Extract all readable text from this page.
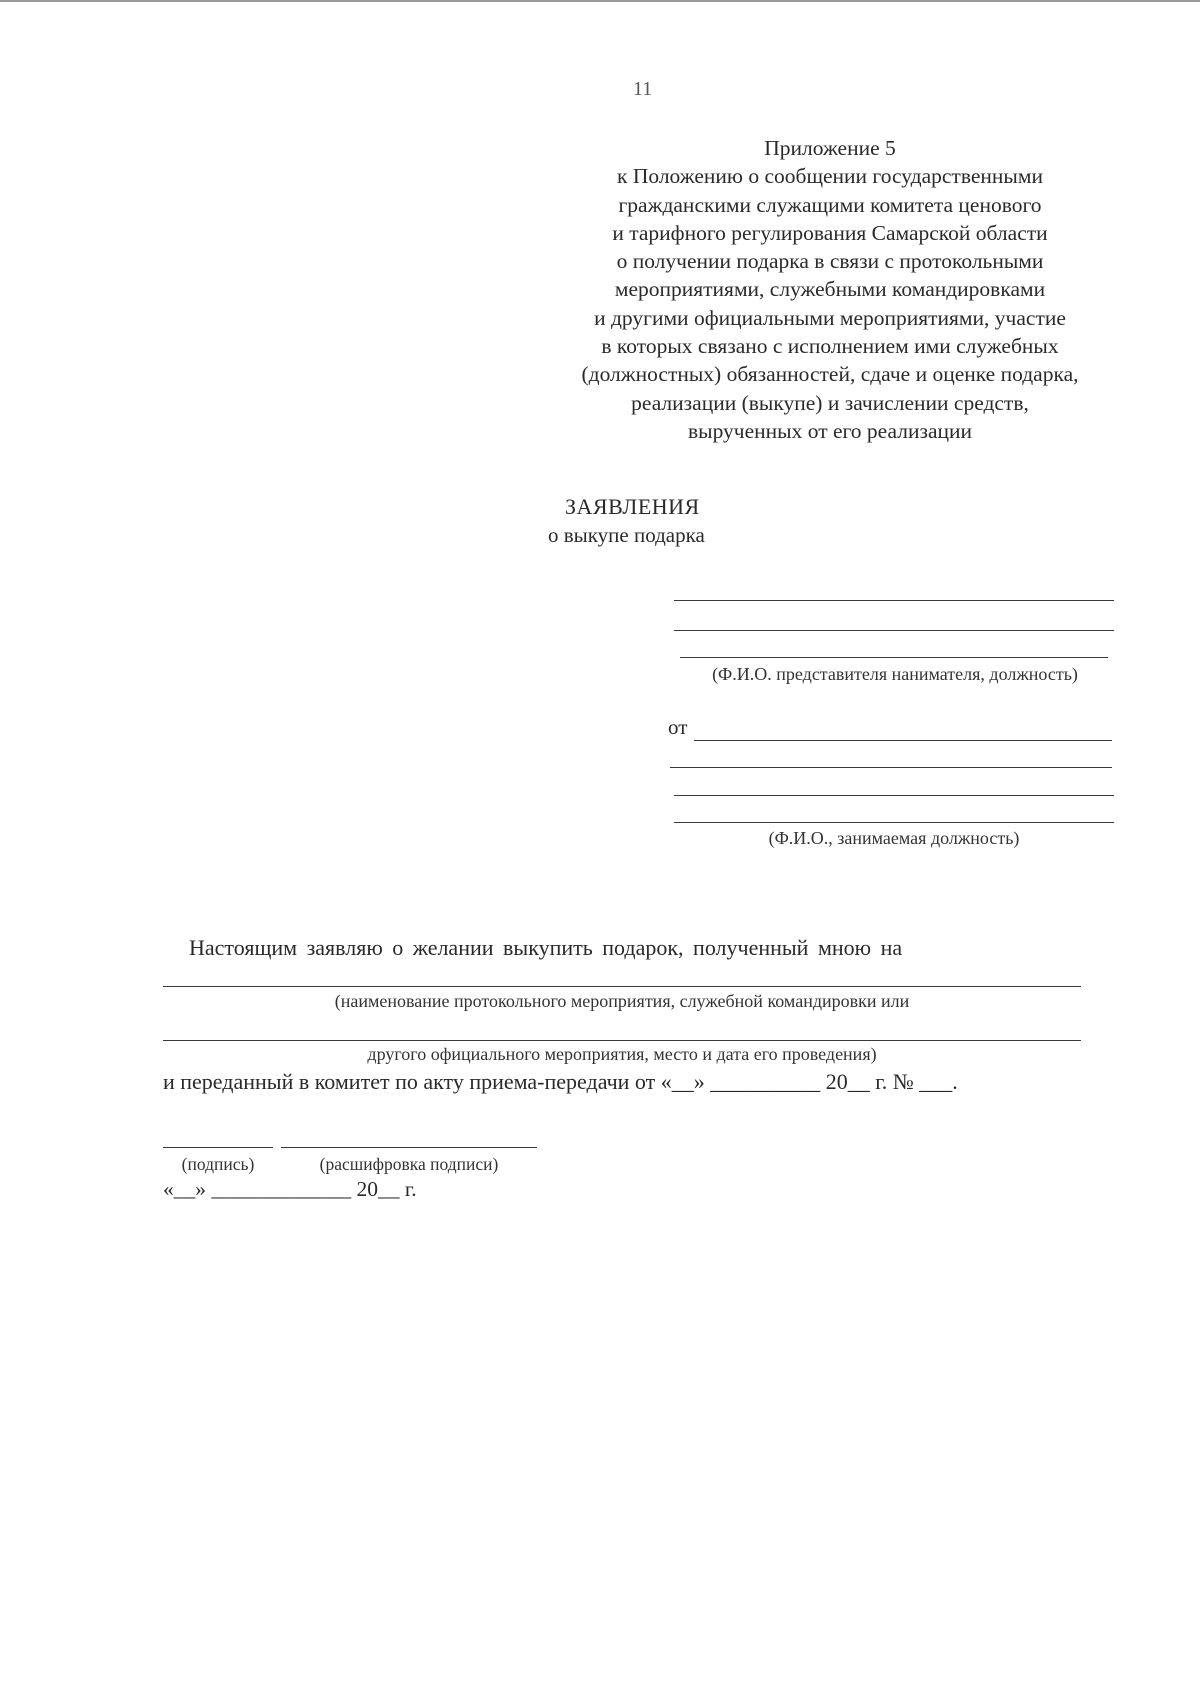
11
Приложение 5
к Положению о сообщении государственными
гражданскими служащими комитета ценового
и тарифного регулирования Самарской области
о получении подарка в связи с протокольными
мероприятиями, служебными командировками
и другими официальными мероприятиями, участие
в которых связано с исполнением ими служебных
(должностных) обязанностей, сдаче и оценке подарка,
реализации (выкупе) и зачислении средств,
вырученных от его реализации
ЗАЯВЛЕНИЯ
о выкупе подарка
(Ф.И.О. представителя нанимателя, должность)
от
(Ф.И.О., занимаемая должность)
Настоящим заявляю о желании выкупить подарок, полученный мною на
(наименование протокольного мероприятия, служебной командировки или
другого официального мероприятия, место и дата его проведения)
и переданный в комитет по акту приема-передачи от «__» __________ 20__ г. № ___.
(подпись)	(расшифровка подписи)
«__» _____________ 20__ г.
